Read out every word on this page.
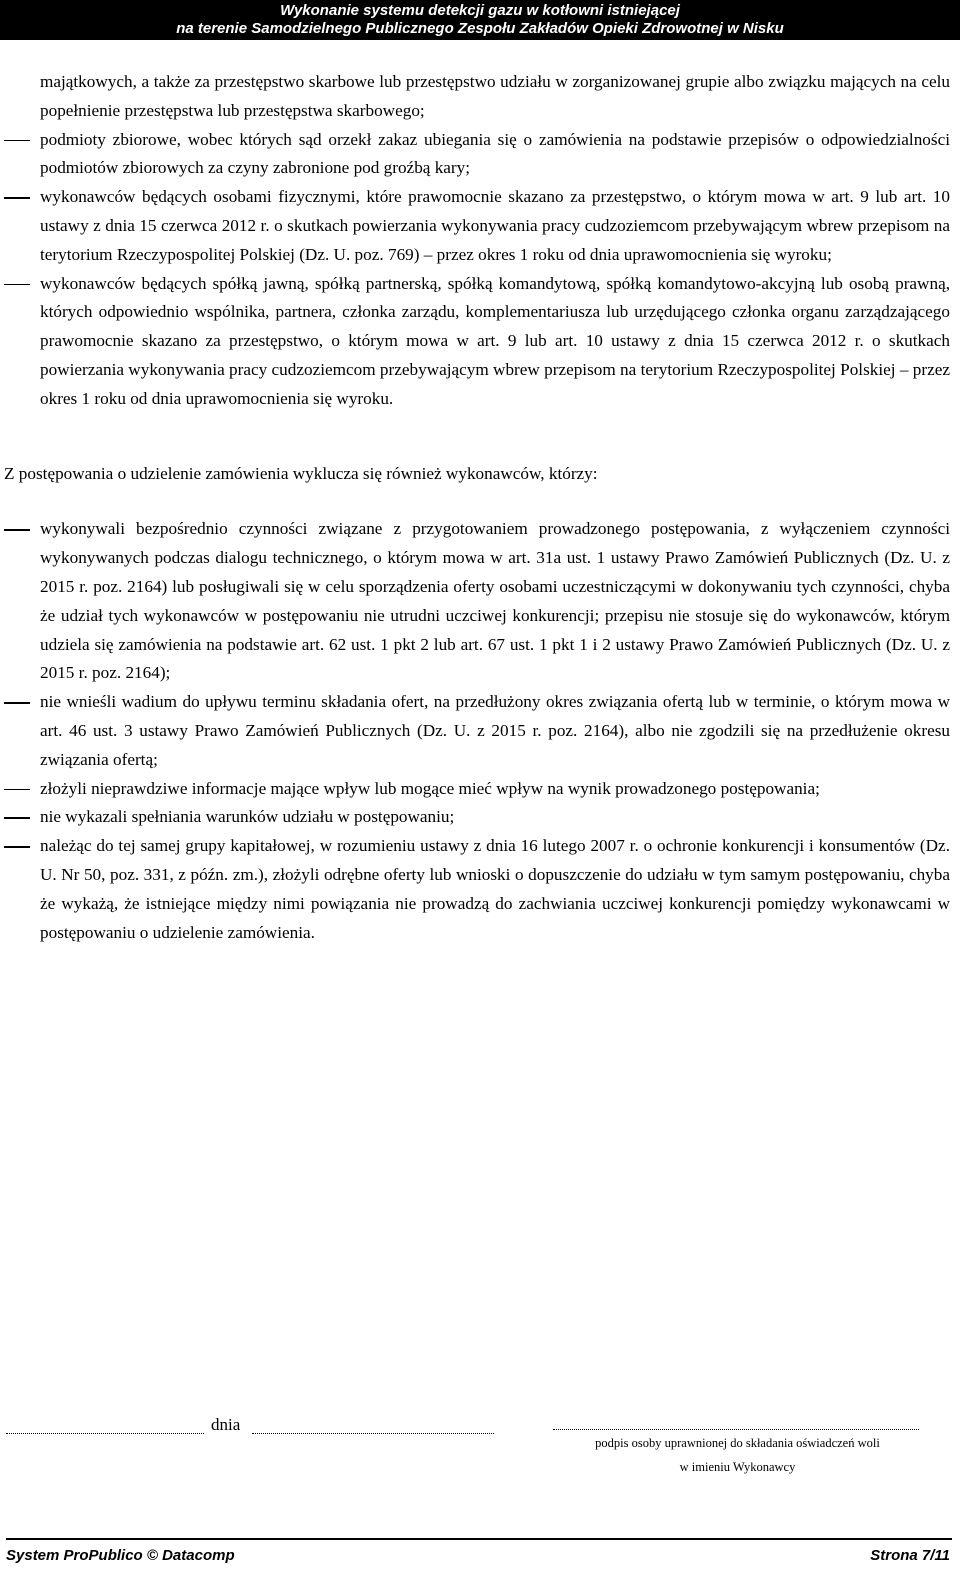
Wykonanie systemu detekcji gazu w kotłowni istniejącej
na terenie Samodzielnego Publicznego Zespołu Zakładów Opieki Zdrowotnej w Nisku
majątkowych, a także za przestępstwo skarbowe lub przestępstwo udziału w zorganizowanej grupie albo związku mających na celu popełnienie przestępstwa lub przestępstwa skarbowego;
podmioty zbiorowe, wobec których sąd orzekł zakaz ubiegania się o zamówienia na podstawie przepisów o odpowiedzialności podmiotów zbiorowych za czyny zabronione pod groźbą kary;
wykonawców będących osobami fizycznymi, które prawomocnie skazano za przestępstwo, o którym mowa w art. 9 lub art. 10 ustawy z dnia 15 czerwca 2012 r. o skutkach powierzania wykonywania pracy cudzoziemcom przebywającym wbrew przepisom na terytorium Rzeczypospolitej Polskiej (Dz. U. poz. 769) – przez okres 1 roku od dnia uprawomocnienia się wyroku;
wykonawców będących spółką jawną, spółką partnerską, spółką komandytową, spółką komandytowo-akcyjną lub osobą prawną, których odpowiednio wspólnika, partnera, członka zarządu, komplementariusza lub urzędującego członka organu zarządzającego prawomocnie skazano za przestępstwo, o którym mowa w art. 9 lub art. 10 ustawy z dnia 15 czerwca 2012 r. o skutkach powierzania wykonywania pracy cudzoziemcom przebywającym wbrew przepisom na terytorium Rzeczypospolitej Polskiej – przez okres 1 roku od dnia uprawomocnienia się wyroku.
Z postępowania o udzielenie zamówienia wyklucza się również wykonawców, którzy:
wykonywali bezpośrednio czynności związane z przygotowaniem prowadzonego postępowania, z wyłączeniem czynności wykonywanych podczas dialogu technicznego, o którym mowa w art. 31a ust. 1 ustawy Prawo Zamówień Publicznych (Dz. U. z 2015 r. poz. 2164) lub posługiwali się w celu sporządzenia oferty osobami uczestniczącymi w dokonywaniu tych czynności, chyba że udział tych wykonawców w postępowaniu nie utrudni uczciwej konkurencji; przepisu nie stosuje się do wykonawców, którym udziela się zamówienia na podstawie art. 62 ust. 1 pkt 2 lub art. 67 ust. 1 pkt 1 i 2 ustawy Prawo Zamówień Publicznych (Dz. U. z 2015 r. poz. 2164);
nie wnieśli wadium do upływu terminu składania ofert, na przedłużony okres związania ofertą lub w terminie, o którym mowa w art. 46 ust. 3 ustawy Prawo Zamówień Publicznych (Dz. U. z 2015 r. poz. 2164), albo nie zgodzili się na przedłużenie okresu związania ofertą;
złożyli nieprawdziwe informacje mające wpływ lub mogące mieć wpływ na wynik prowadzonego postępowania;
nie wykazali spełniania warunków udziału w postępowaniu;
należąc do tej samej grupy kapitałowej, w rozumieniu ustawy z dnia 16 lutego 2007 r. o ochronie konkurencji i konsumentów (Dz. U. Nr 50, poz. 331, z późn. zm.), złożyli odrębne oferty lub wnioski o dopuszczenie do udziału w tym samym postępowaniu, chyba że wykażą, że istniejące między nimi powiązania nie prowadzą do zachwiania uczciwej konkurencji pomiędzy wykonawcami w postępowaniu o udzielenie zamówienia.
dnia
podpis osoby uprawnionej do składania oświadczeń woli
w imieniu Wykonawcy
System ProPublico © Datacomp	Strona 7/11
